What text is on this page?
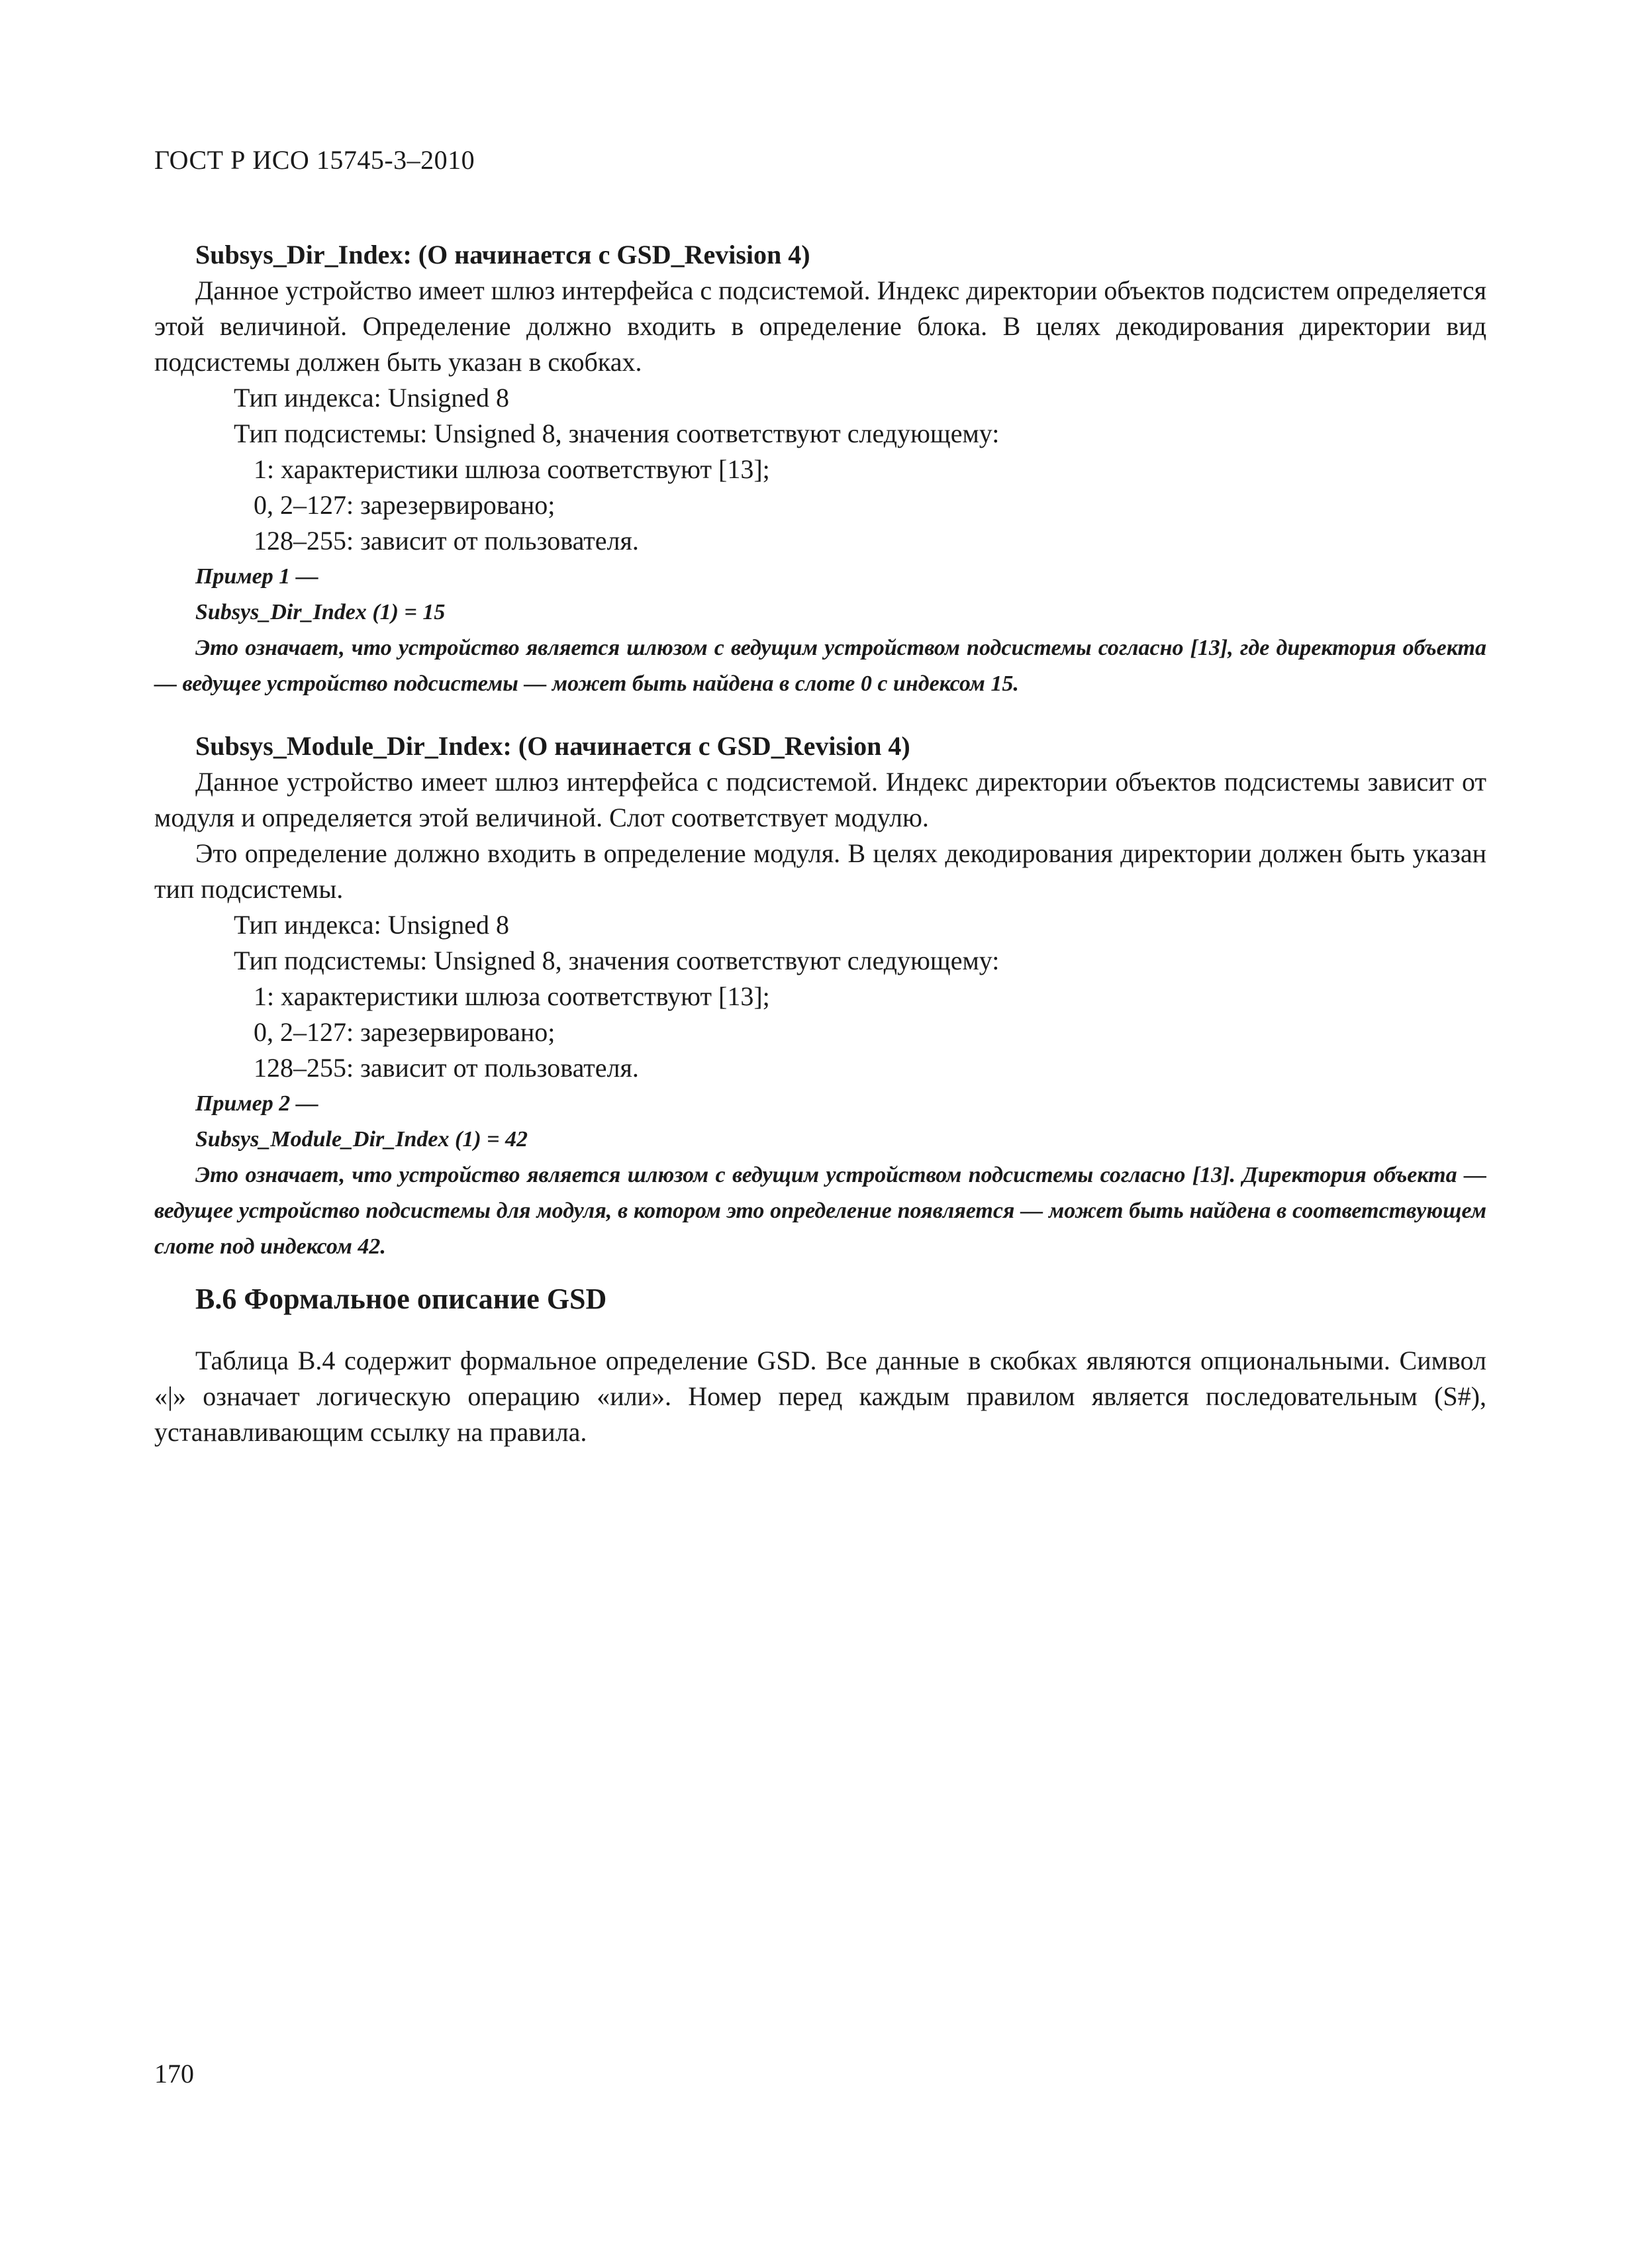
ГОСТ Р ИСО 15745-3–2010
Subsys_Dir_Index: (О начинается с GSD_Revision 4)

Данное устройство имеет шлюз интерфейса с подсистемой. Индекс директории объектов подсистем определяется этой величиной. Определение должно входить в определение блока. В целях декодирования директории вид подсистемы должен быть указан в скобках.

Тип индекса: Unsigned 8
Тип подсистемы: Unsigned 8, значения соответствуют следующему:
1: характеристики шлюза соответствуют [13];
0, 2–127: зарезервировано;
128–255: зависит от пользователя.
Пример 1 —
Subsys_Dir_Index (1) = 15

Это означает, что устройство является шлюзом с ведущим устройством подсистемы согласно [13], где директория объекта — ведущее устройство подсистемы — может быть найдена в слоте 0 с индексом 15.

Subsys_Module_Dir_Index: (О начинается с GSD_Revision 4)

Данное устройство имеет шлюз интерфейса с подсистемой. Индекс директории объектов подсистемы зависит от модуля и определяется этой величиной. Слот соответствует модулю.

Это определение должно входить в определение модуля. В целях декодирования директории должен быть указан тип подсистемы.

Тип индекса: Unsigned 8
Тип подсистемы: Unsigned 8, значения соответствуют следующему:
1: характеристики шлюза соответствуют [13];
0, 2–127: зарезервировано;
128–255: зависит от пользователя.
Пример 2 —
Subsys_Module_Dir_Index (1) = 42

Это означает, что устройство является шлюзом с ведущим устройством подсистемы согласно [13]. Директория объекта — ведущее устройство подсистемы для модуля, в котором это определение появляется — может быть найдена в соответствующем слоте под индексом 42.

B.6 Формальное описание GSD

Таблица B.4 содержит формальное определение GSD. Все данные в скобках являются опциональными. Символ «|» означает логическую операцию «или». Номер перед каждым правилом является последовательным (S#), устанавливающим ссылку на правила.

170
